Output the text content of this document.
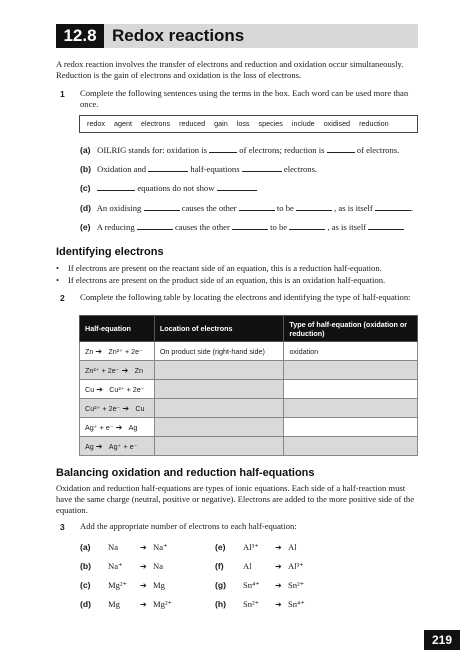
12.8 Redox reactions
A redox reaction involves the transfer of electrons and reduction and oxidation occur simultaneously. Reduction is the gain of electrons and oxidation is the loss of electrons.
1 Complete the following sentences using the terms in the box. Each word can be used more than once.
redox agent electrons reduced gain loss species include oxidised reduction
(a) OILRIG stands for: oxidation is	of electrons; reduction is	of electrons.
(b) Oxidation and	half-equations	electrons.
(c)	equations do not show
(d) An oxidising	causes the other	to be	, as is itself	.
(e) A reducing	causes the other	to be	, as is itself
Identifying electrons
• If electrons are present on the reactant side of an equation, this is a reduction half-equation.
• If electrons are present on the product side of an equation, this is an oxidation half-equation.
2 Complete the following table by locating the electrons and identifying the type of half-equation:
Half-equation	Location of electrons	Type of half-equation (oxidation or reduction)
Zn ➔ Zn²⁺ + 2e⁻	On product side (right-hand side)	oxidation
Zn²⁺ + 2e⁻ ➔ Zn		
Cu ➔ Cu²⁺ + 2e⁻		
Cu²⁺ + 2e⁻ ➔ Cu		
Ag⁺ + e⁻ ➔ Ag		
Ag ➔ Ag⁺ + e⁻		
Balancing oxidation and reduction half-equations
Oxidation and reduction half-equations are types of ionic equations. Each side of a half-reaction must have the same charge (neutral, positive or negative). Electrons are added to the more positive side of the equation.
3 Add the appropriate number of electrons to each half-equation:
(a) Na	➔ Na⁺
(b) Na⁺ ➔ Na
(c) Mg²⁺ ➔ Mg
(d) Mg	➔ Mg²⁺
(e) Al³⁺ ➔ Al
(f) Al	➔ Al³⁺
(g) Sn⁴⁺ ➔ Sn²⁺
(h) Sn²⁺ ➔ Sn⁴⁺
219
